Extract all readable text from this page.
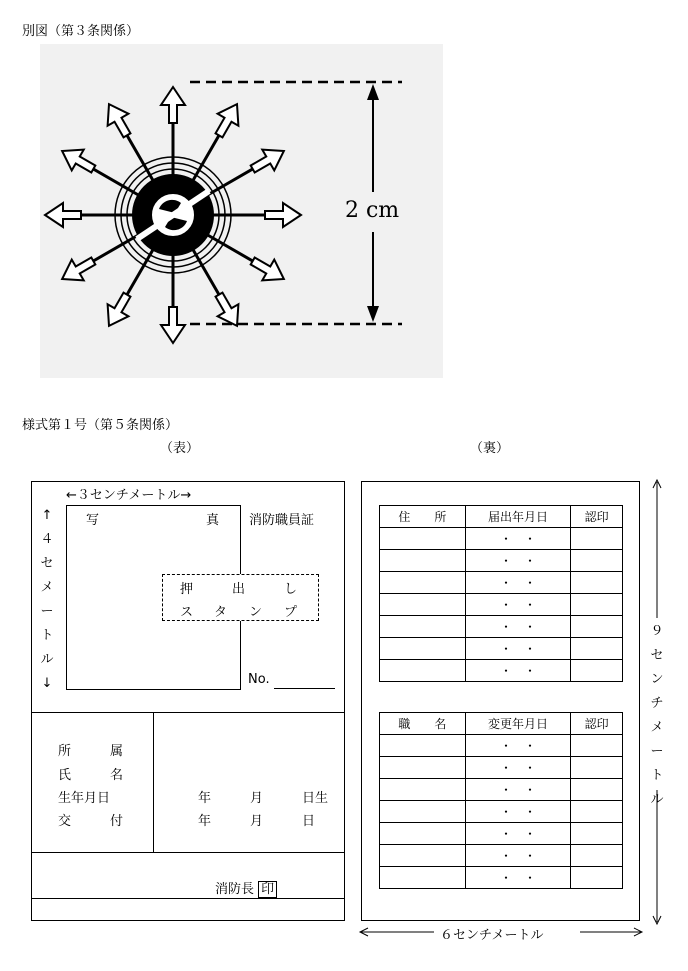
別図（第３条関係）
2 cm
様式第１号（第５条関係）
（表）	（裏）
←３センチメートル→
↑
４
セ
メ
ー
ト
ル
↓
写	真 消防職員証
押	出	し
ス タ ン プ
No.
所	属
氏	名
生年月日
交	付
年	月	日生
年	月	日
消防長 印
住　　所	届出年月日	認印
	・　・	
	・　・	
	・　・	
	・　・	
	・　・	
	・　・	
	・　・	
職　　名	変更年月日	認印
	・　・	
	・　・	
	・　・	
	・　・	
	・　・	
	・　・	
	・　・	
９
セ
ン
チ
メ
ー
ト
ル
６センチメートル
